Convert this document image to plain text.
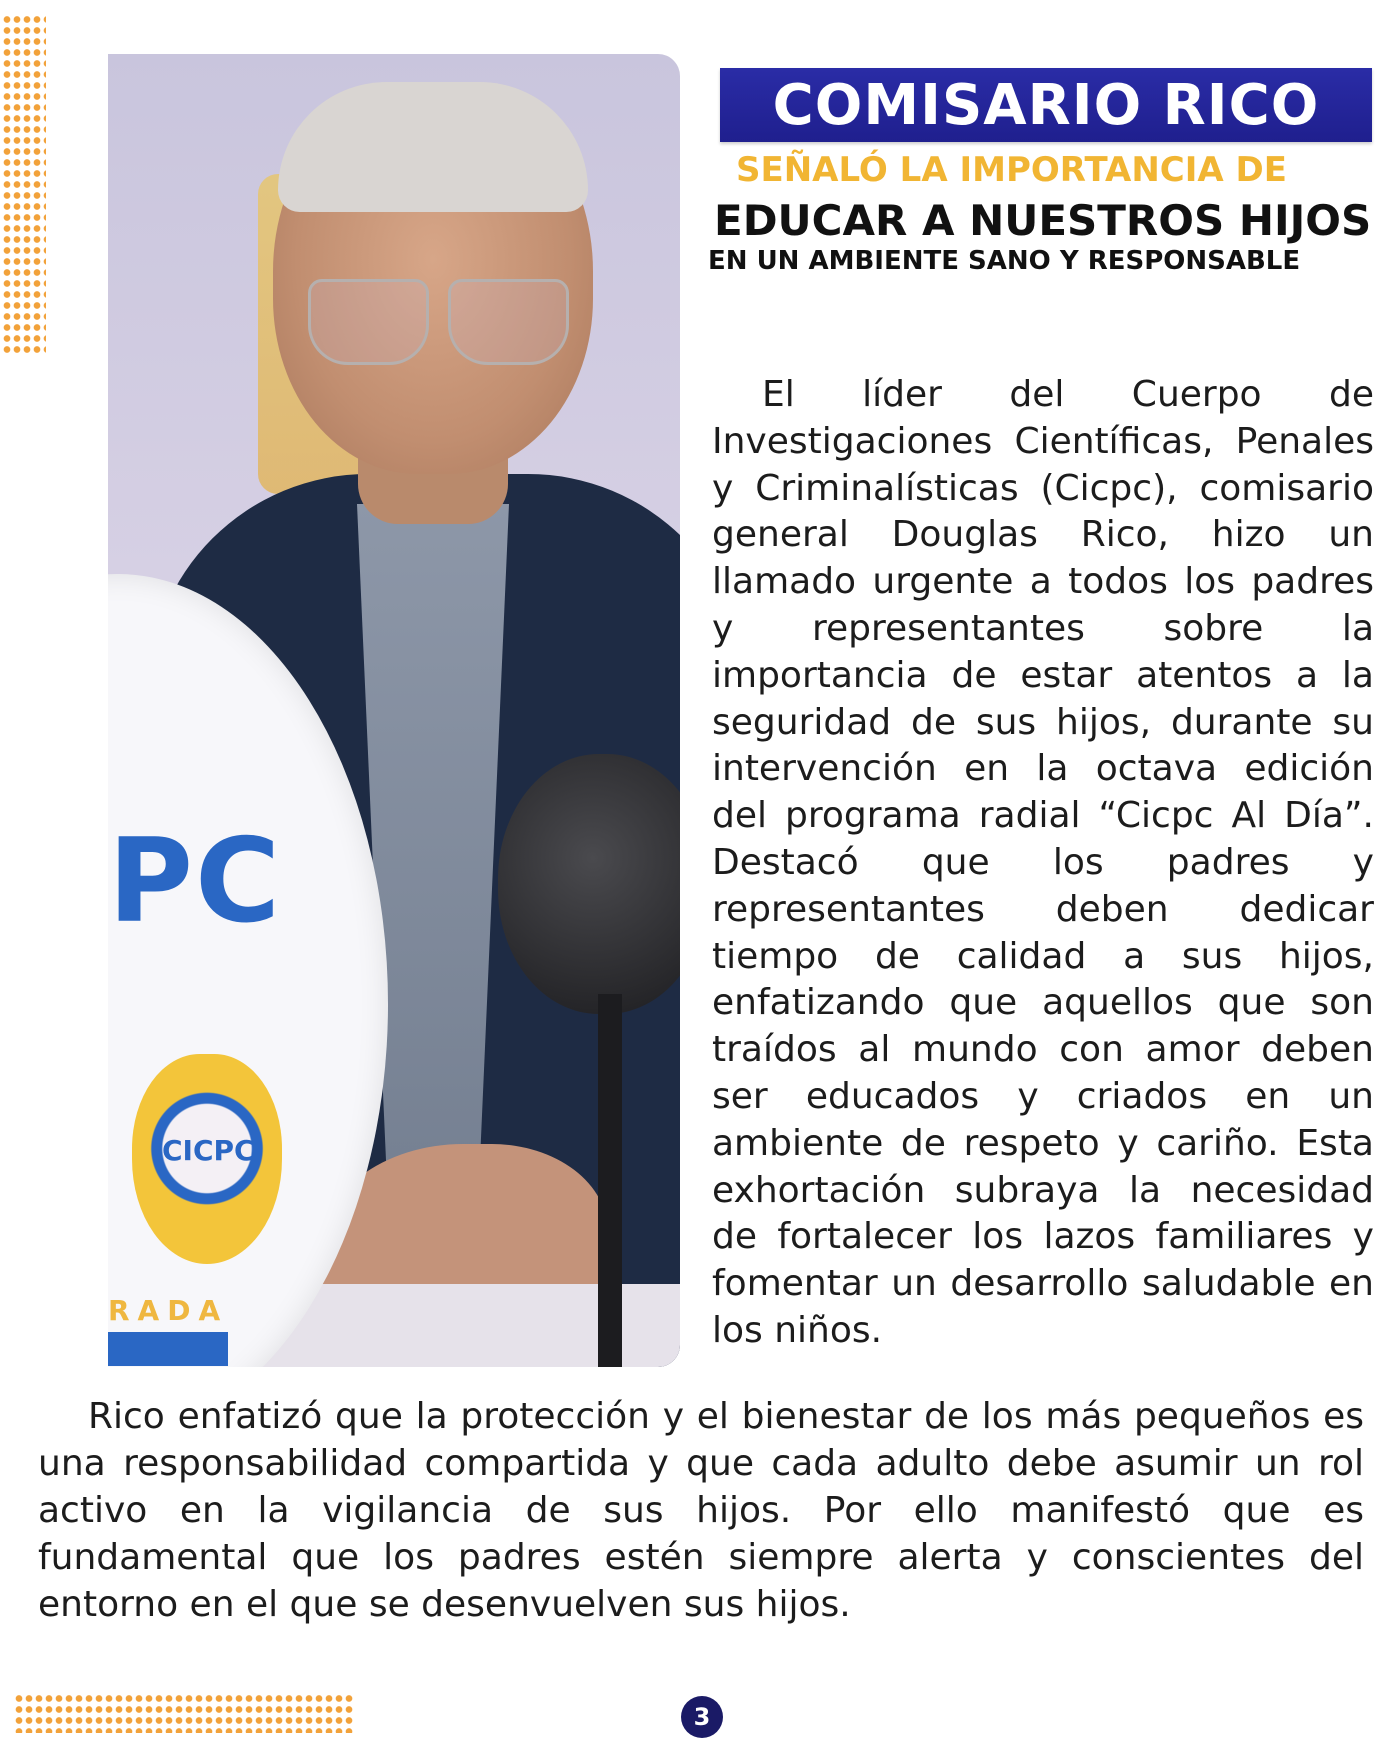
PC
CICPC
RADA
COMISARIO RICO
SEÑALÓ LA IMPORTANCIA DE
EDUCAR A NUESTROS HIJOS
EN UN AMBIENTE SANO Y RESPONSABLE

El líder del Cuerpo de Investigaciones Científicas, Penales y Criminalísticas (Cicpc), comisario general Douglas Rico, hizo un llamado urgente a todos los padres y representantes sobre la importancia de estar atentos a la seguridad de sus hijos, durante su intervención en la octava edición del programa radial “Cicpc Al Día”. Destacó que los padres y representantes deben dedicar tiempo de calidad a sus hijos, enfatizando que aquellos que son traídos al mundo con amor deben ser educados y criados en un ambiente de respeto y cariño. Esta exhortación subraya la necesidad de fortalecer los lazos familiares y fomentar un desarrollo saludable en los niños.

Rico enfatizó que la protección y el bienestar de los más pequeños es una responsabilidad compartida y que cada adulto debe asumir un rol activo en la vigilancia de sus hijos. Por ello manifestó que es fundamental que los padres estén siempre alerta y conscientes del entorno en el que se desenvuelven sus hijos.

3
